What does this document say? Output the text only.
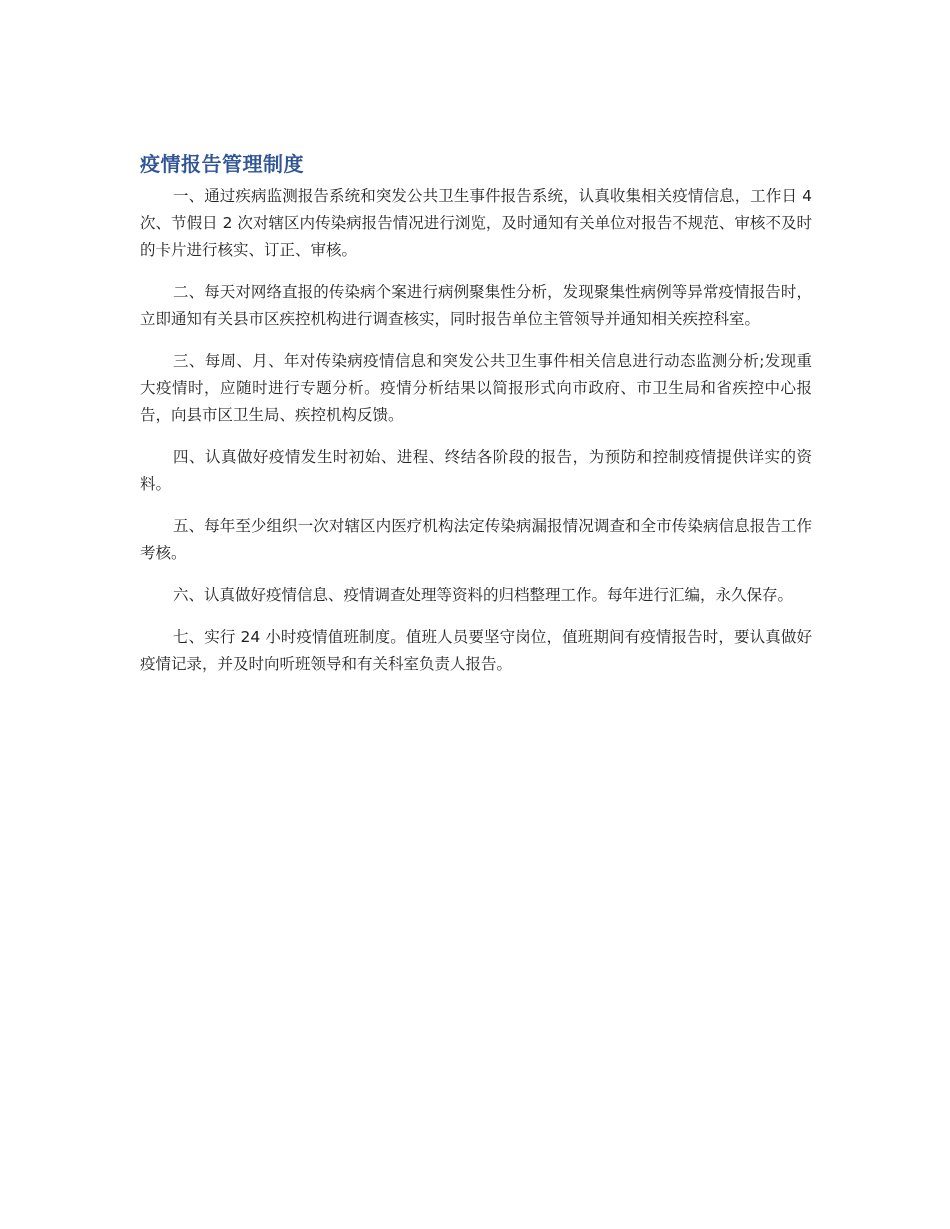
疫情报告管理制度

一、通过疾病监测报告系统和突发公共卫生事件报告系统，认真收集相关疫情信息，工作日 4 次、节假日 2 次对辖区内传染病报告情况进行浏览，及时通知有关单位对报告不规范、审核不及时的卡片进行核实、订正、审核。

二、每天对网络直报的传染病个案进行病例聚集性分析，发现聚集性病例等异常疫情报告时，立即通知有关县市区疾控机构进行调查核实，同时报告单位主管领导并通知相关疾控科室。

三、每周、月、年对传染病疫情信息和突发公共卫生事件相关信息进行动态监测分析;发现重大疫情时，应随时进行专题分析。疫情分析结果以简报形式向市政府、市卫生局和省疾控中心报告，向县市区卫生局、疾控机构反馈。

四、认真做好疫情发生时初始、进程、终结各阶段的报告，为预防和控制疫情提供详实的资料。

五、每年至少组织一次对辖区内医疗机构法定传染病漏报情况调查和全市传染病信息报告工作考核。

六、认真做好疫情信息、疫情调查处理等资料的归档整理工作。每年进行汇编，永久保存。

七、实行 24 小时疫情值班制度。值班人员要坚守岗位，值班期间有疫情报告时，要认真做好疫情记录，并及时向听班领导和有关科室负责人报告。
